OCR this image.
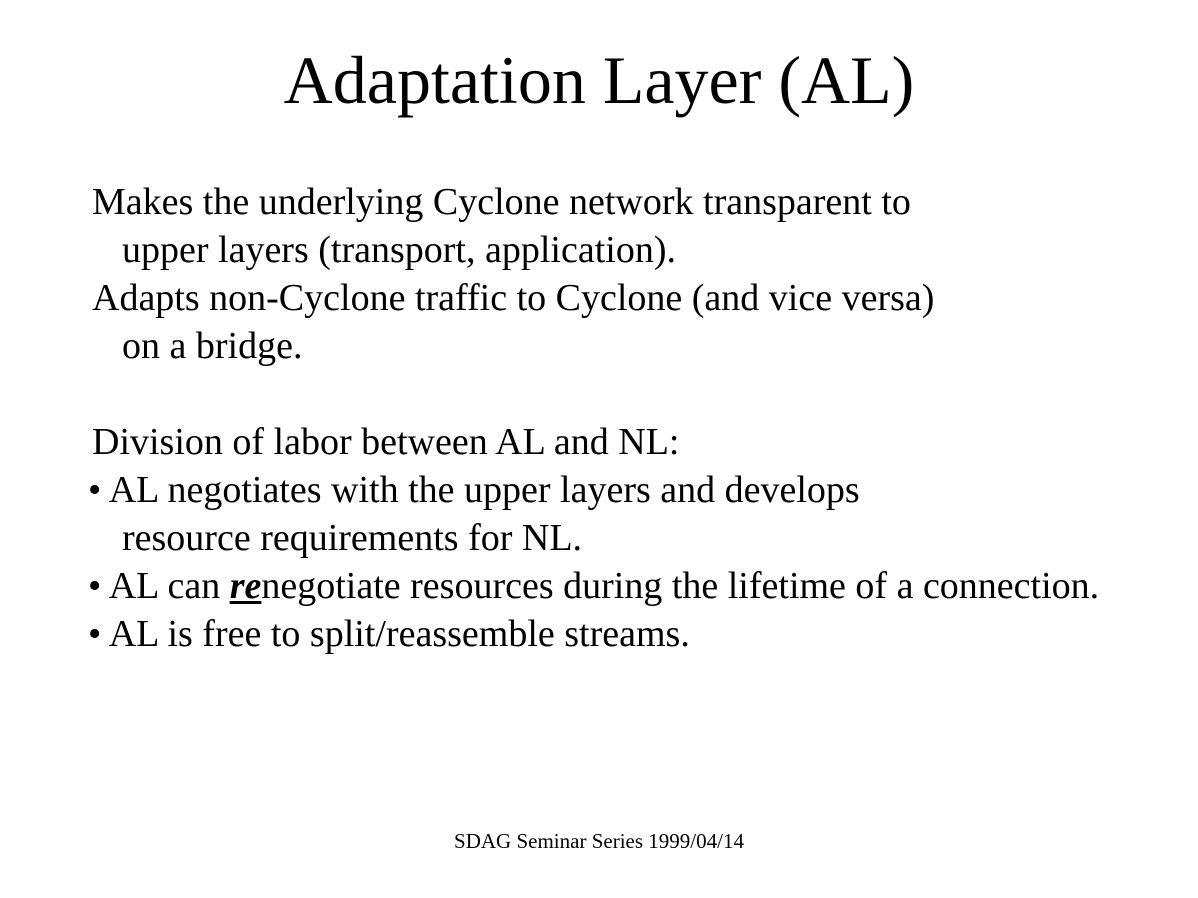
Adaptation Layer (AL)
Makes the underlying Cyclone network transparent to
upper layers (transport, application).
Adapts non-Cyclone traffic to Cyclone (and vice versa)
on a bridge.
Division of labor between AL and NL:
• AL negotiates with the upper layers and develops
resource requirements for NL.
• AL can renegotiate resources during the lifetime of a connection.
• AL is free to split/reassemble streams.
SDAG Seminar Series 1999/04/14
